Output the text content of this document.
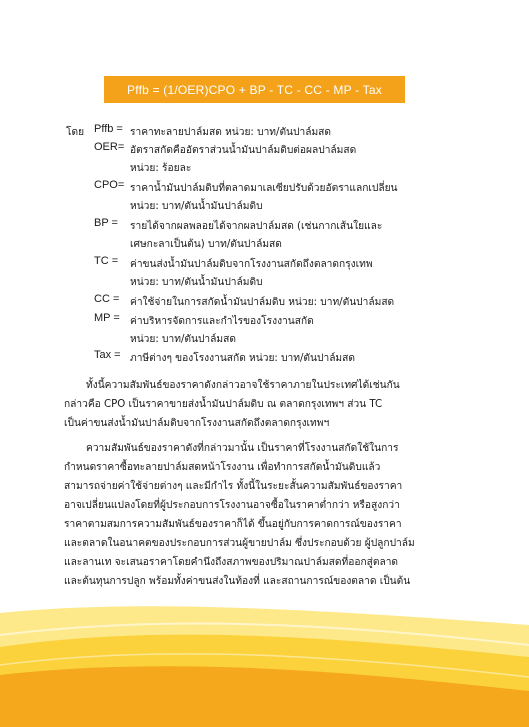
Pffb = (1/OER)CPO + BP - TC - CC - MP - Tax
โดย Pffb = ราคาทะลายปาล์มสด หน่วย: บาท/ตันปาล์มสด
OER= อัตราสกัดคืออัตราส่วนน้ำมันปาล์มดิบต่อผลปาล์มสด
หน่วย: ร้อยละ
CPO= ราคาน้ำมันปาล์มดิบที่ตลาดมาเลเซียปรับด้วยอัตราแลกเปลี่ยน
หน่วย: บาท/ตันน้ำมันปาล์มดิบ
BP =	รายได้จากผลพลอยได้จากผลปาล์มสด (เช่นกากเส้นใยและ
เศษกะลาเป็นต้น) บาท/ตันปาล์มสด
TC =	ค่าขนส่งน้ำมันปาล์มดิบจากโรงงานสกัดถึงตลาดกรุงเทพ
หน่วย: บาท/ตันน้ำมันปาล์มดิบ
CC =	ค่าใช้จ่ายในการสกัดน้ำมันปาล์มดิบ หน่วย: บาท/ตันปาล์มสด
MP =	ค่าบริหารจัดการและกำไรของโรงงานสกัด
หน่วย: บาท/ตันปาล์มสด
Tax = ภาษีต่างๆ ของโรงงานสกัด หน่วย: บาท/ตันปาล์มสด
ทั้งนี้ความสัมพันธ์ของราคาดังกล่าวอาจใช้ราคาภายในประเทศได้เช่นกัน
กล่าวคือ CPO เป็นราคาขายส่งน้ำมันปาล์มดิบ ณ ตลาดกรุงเทพฯ ส่วน TC
เป็นค่าขนส่งน้ำมันปาล์มดิบจากโรงงานสกัดถึงตลาดกรุงเทพฯ
ความสัมพันธ์ของราคาดังที่กล่าวมานั้น เป็นราคาที่โรงงานสกัดใช้ในการ
กำหนดราคาซื้อทะลายปาล์มสดหน้าโรงงาน เพื่อทำการสกัดน้ำมันดิบแล้ว
สามารถจ่ายค่าใช้จ่ายต่างๆ และมีกำไร ทั้งนี้ในระยะสั้นความสัมพันธ์ของราคา
อาจเปลี่ยนแปลงโดยที่ผู้ประกอบการโรงงานอาจซื้อในราคาต่ำกว่า หรือสูงกว่า
ราคาตามสมการความสัมพันธ์ของราคาก็ได้ ขึ้นอยู่กับการคาดการณ์ของราคา
และตลาดในอนาคตของประกอบการส่วนผู้ขายปาล์ม ซึ่งประกอบด้วย ผู้ปลูกปาล์ม
และลานเท จะเสนอราคาโดยคำนึงถึงสภาพของปริมาณปาล์มสดที่ออกสู่ตลาด
และต้นทุนการปลูก พร้อมทั้งค่าขนส่งในท้องที่ และสถานการณ์ของตลาด เป็นต้น
